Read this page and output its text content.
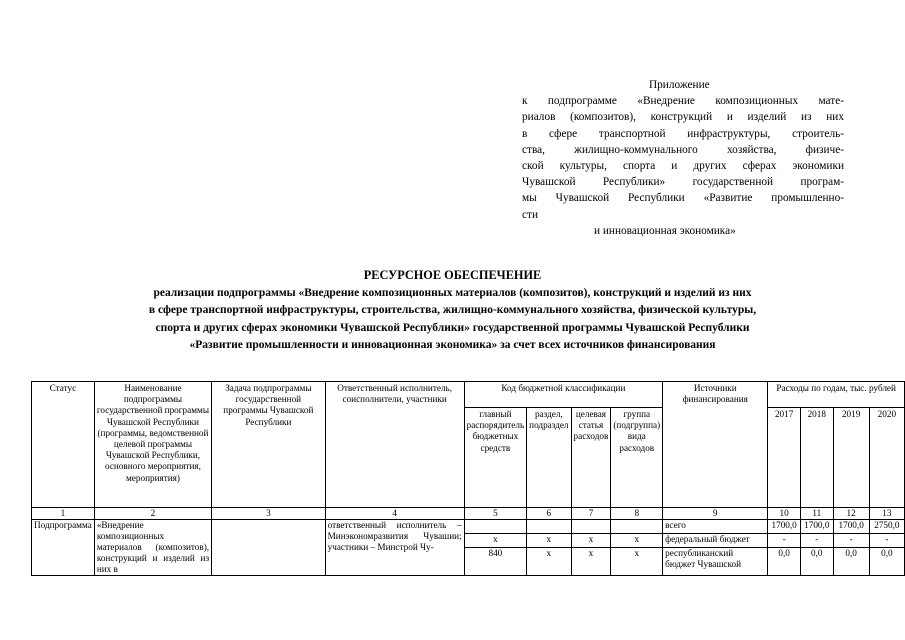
Приложение
к подпрограмме «Внедрение композиционных мате-
риалов (композитов), конструкций и изделий из них
в сфере транспортной инфраструктуры, строитель-
ства, жилищно-коммунального хозяйства, физиче-
ской культуры, спорта и других сферах экономики
Чувашской Республики» государственной програм-
мы Чувашской Республики «Развитие промышленно-
сти
и инновационная экономика»
РЕСУРСНОЕ ОБЕСПЕЧЕНИЕ
реализации подпрограммы «Внедрение композиционных материалов (композитов), конструкций и изделий из них
в сфере транспортной инфраструктуры, строительства, жилищно-коммунального хозяйства, физической культуры,
спорта и других сферах экономики Чувашской Республики» государственной программы Чувашской Республики
«Развитие промышленности и инновационная экономика» за счет всех источников финансирования
Статус	Наименование подпрограммы государственной программы Чувашской Республики (программы, ведомственной целевой программы Чувашской Республики, основного мероприятия, мероприятия)	Задача подпрограммы государственной программы Чувашской Республики	Ответственный исполнитель, соисполнители, участники	Код бюджетной классификации				Источники финансирования	Расходы по годам, тыс. рублей			
				главный распорядитель бюджетных средств	раздел, подраздел	целевая статья расходов	группа (подгруппа) вида расходов		2017	2018	2019	2020
1	2	3	4	5	6	7	8	9	10	11	12	13
Подпрограмма	«Внедрение композиционных материалов (композитов), конструкций и изделий из них в		ответственный исполнитель – Минэкономразвития Чувашии; участники – Минстрой Чу-					всего	1700,0	1700,0	1700,0	2750,0
				x	x	x	x	федеральный бюджет	-	-	-	-
				840	x	x	x	республиканский бюджет Чувашской	0,0	0,0	0,0	0,0
